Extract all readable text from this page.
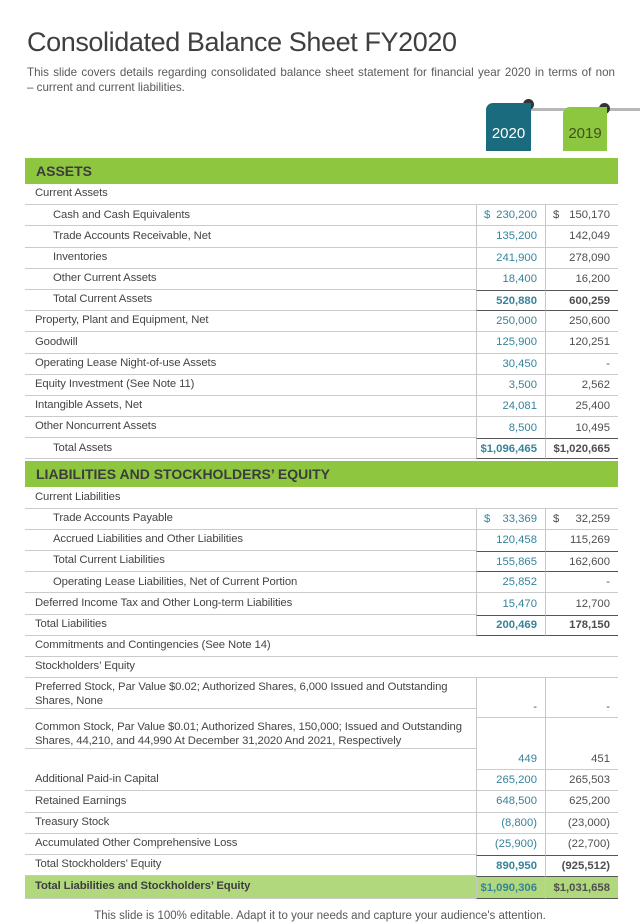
Consolidated Balance Sheet FY2020
This slide covers details regarding consolidated balance sheet statement for financial year 2020 in terms of non
– current and current liabilities.
2020	2019
ASSETS
Current Assets
Cash and Cash Equivalents	$ 230,200 $ 150,170
Trade Accounts Receivable, Net	135,200	142,049
Inventories	241,900	278,090
Other Current Assets	18,400	16,200
Total Current Assets	520,880	600,259
Property, Plant and Equipment, Net	250,000	250,600
Goodwill	125,900	120,251
Operating Lease Night-of-use Assets	30,450	-
Equity Investment (See Note 11)	3,500	2,562
Intangible Assets, Net	24,081	25,400
Other Noncurrent Assets	8,500	10,495
Total Assets	$1,096,465	$1,020,665
LIABILITIES AND STOCKHOLDERS’ EQUITY
Current Liabilities
Trade Accounts Payable	$ 33,369 $ 32,259
Accrued Liabilities and Other Liabilities	120,458	115,269
Total Current Liabilities	155,865	162,600
Operating Lease Liabilities, Net of Current Portion	25,852	-
Deferred Income Tax and Other Long-term Liabilities	15,470	12,700
Total Liabilities	200,469	178,150
Commitments and Contingencies (See Note 14)
Stockholders’ Equity
Preferred Stock, Par Value $0.02; Authorized Shares, 6,000 Issued and Outstanding Shares, None
-	-
Common Stock, Par Value $0.01; Authorized Shares, 150,000; Issued and Outstanding Shares, 44,210, and 44,990 At December 31,2020 And 2021, Respectively
449	451
Additional Paid-in Capital	265,200	265,503
Retained Earnings	648,500	625,200
Treasury Stock	(8,800)	(23,000)
Accumulated Other Comprehensive Loss	(25,900)	(22,700)
Total Stockholders’ Equity	890,950	(925,512)
Total Liabilities and Stockholders’ Equity	$1,090,306	$1,031,658
This slide is 100% editable. Adapt it to your needs and capture your audience's attention.
